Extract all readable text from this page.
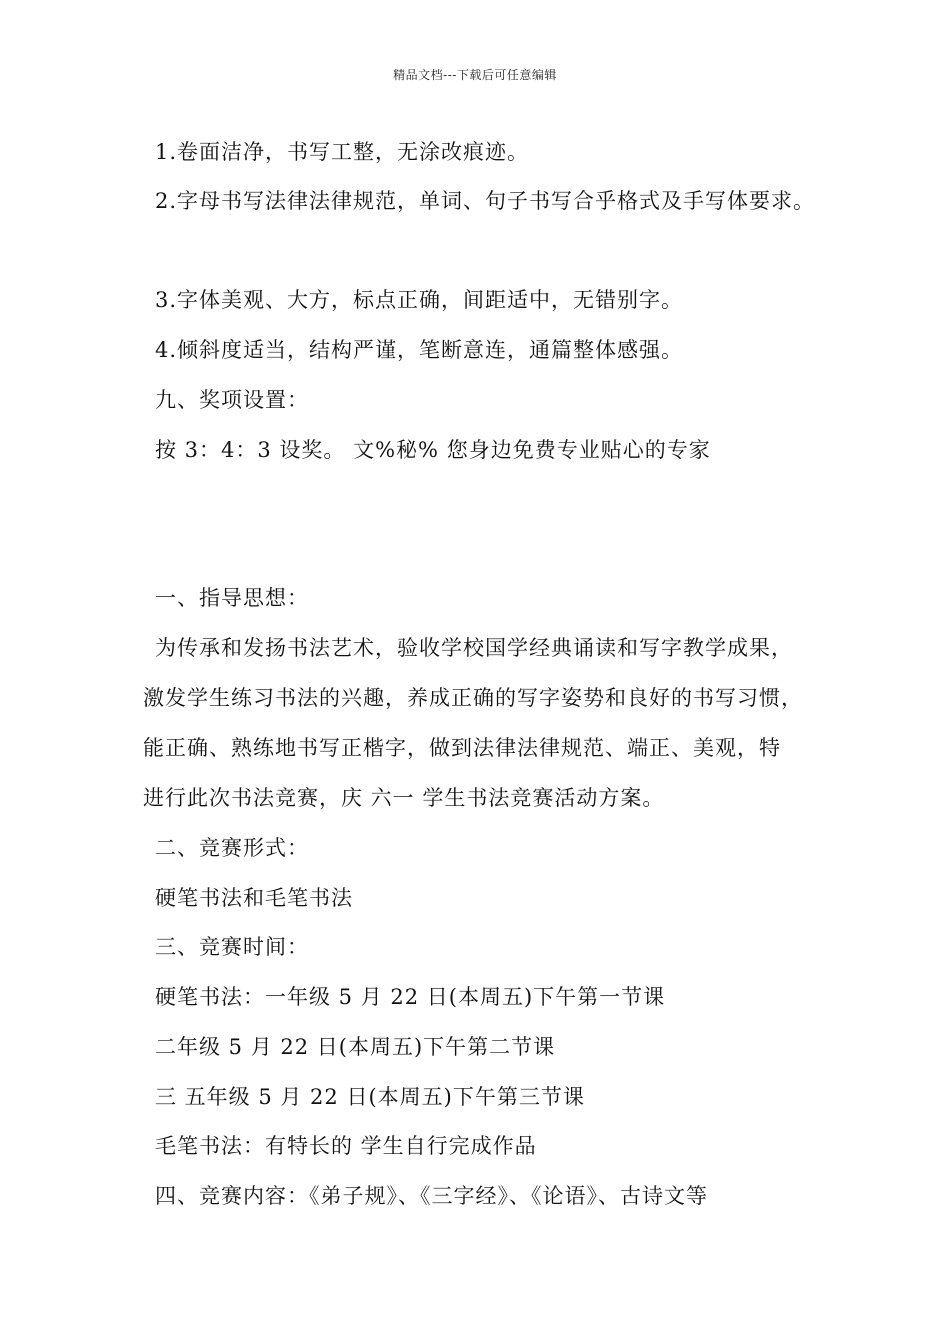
精品文档---下载后可任意编辑
1.卷面洁净，书写工整，无涂改痕迹。
2.字母书写法律法律规范，单词、句子书写合乎格式及手写体要求。
3.字体美观、大方，标点正确，间距适中，无错别字。
4.倾斜度适当，结构严谨，笔断意连，通篇整体感强。
九、奖项设置：
按 3：4：3 设奖。 文%秘% 您身边免费专业贴心的专家
一、指导思想：
为传承和发扬书法艺术，验收学校国学经典诵读和写字教学成果，
激发学生练习书法的兴趣，养成正确的写字姿势和良好的书写习惯，
能正确、熟练地书写正楷字，做到法律法律规范、端正、美观，特
进行此次书法竞赛，庆 六一 学生书法竞赛活动方案。
二、竞赛形式：
硬笔书法和毛笔书法
三、竞赛时间：
硬笔书法：一年级 5 月 22 日(本周五)下午第一节课
二年级 5 月 22 日(本周五)下午第二节课
三 五年级 5 月 22 日(本周五)下午第三节课
毛笔书法：有特长的 学生自行完成作品
四、竞赛内容：《弟子规》、《三字经》、《论语》、古诗文等
